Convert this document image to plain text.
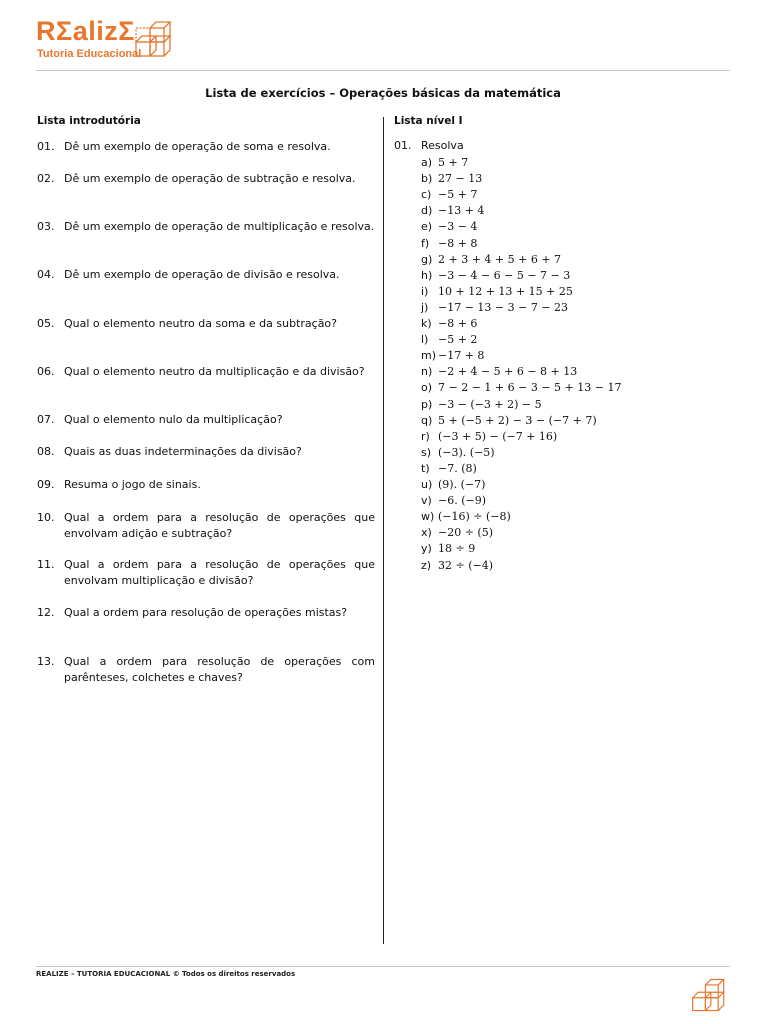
RΣalizΣ
Tutoria Educacional
Lista de exercícios – Operações básicas da matemática
Lista introdutória
01. Dê um exemplo de operação de soma e resolva.
02. Dê um exemplo de operação de subtração e resolva.
03. Dê um exemplo de operação de multiplicação e resolva.
04. Dê um exemplo de operação de divisão e resolva.
05. Qual o elemento neutro da soma e da subtração?
06. Qual o elemento neutro da multiplicação e da divisão?
07. Qual o elemento nulo da multiplicação?
08. Quais as duas indeterminações da divisão?
09. Resuma o jogo de sinais.
10. Qual a ordem para a resolução de operações que envolvam adição e subtração?
11. Qual a ordem para a resolução de operações que envolvam multiplicação e divisão?
12. Qual a ordem para resolução de operações mistas?
13. Qual a ordem para resolução de operações com parênteses, colchetes e chaves?
Lista nível I
01. Resolva
a) 5 + 7
b) 27 − 13
c) −5 + 7
d) −13 + 4
e) −3 − 4
f) −8 + 8
g) 2 + 3 + 4 + 5 + 6 + 7
h) −3 − 4 − 6 − 5 − 7 − 3
i) 10 + 12 + 13 + 15 + 25
j) −17 − 13 − 3 − 7 − 23
k) −8 + 6
l) −5 + 2
m) −17 + 8
n) −2 + 4 − 5 + 6 − 8 + 13
o) 7 − 2 − 1 + 6 − 3 − 5 + 13 − 17
p) −3 − (−3 + 2) − 5
q) 5 + (−5 + 2) − 3 − (−7 + 7)
r) (−3 + 5) − (−7 + 16)
s) (−3). (−5)
t) −7. (8)
u) (9). (−7)
v) −6. (−9)
w) (−16) ÷ (−8)
x) −20 ÷ (5)
y) 18 ÷ 9
z) 32 ÷ (−4)
REALIZE – TUTORIA EDUCACIONAL © Todos os direitos reservados
